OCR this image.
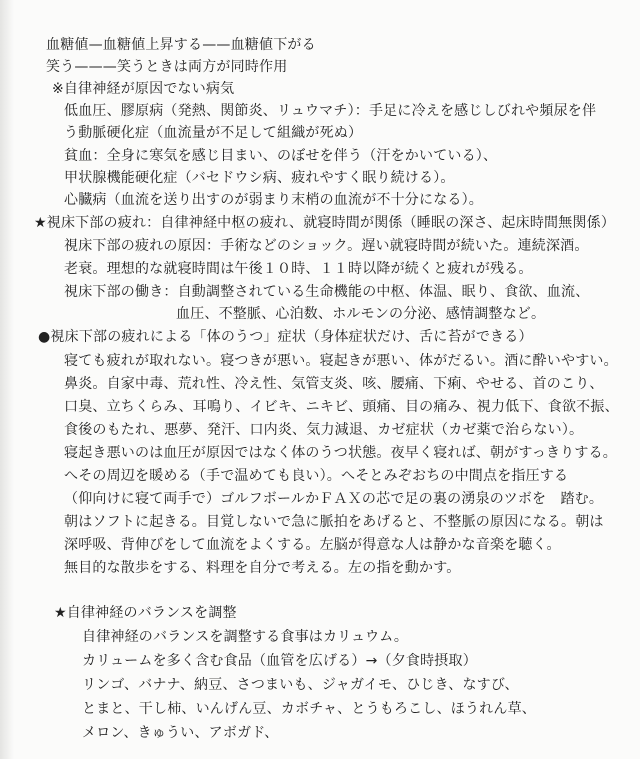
血糖値—血糖値上昇する——血糖値下がる
笑う———笑うときは両方が同時作用
※自律神経が原因でない病気
低血圧、膠原病（発熱、関節炎、リュウマチ）：手足に冷えを感じしびれや頻尿を伴
う動脈硬化症（血流量が不足して組織が死ぬ）
貧血：全身に寒気を感じ目まい、のぼせを伴う（汗をかいている）、
甲状腺機能硬化症（バセドウシ病、疲れやすく眠り続ける）。
心臓病（血流を送り出すのが弱まり末梢の血流が不十分になる）。
★視床下部の疲れ：自律神経中枢の疲れ、就寝時間が関係（睡眠の深さ、起床時間無関係）
視床下部の疲れの原因：手術などのショック。遅い就寝時間が続いた。連続深酒。
老衰。理想的な就寝時間は午後１０時、１１時以降が続くと疲れが残る。
視床下部の働き：自動調整されている生命機能の中枢、体温、眠り、食欲、血流、
血圧、不整脈、心泊数、ホルモンの分泌、感情調整など。
●視床下部の疲れによる「体のうつ」症状（身体症状だけ、舌に苔ができる）
寝ても疲れが取れない。寝つきが悪い。寝起きが悪い、体がだるい。酒に酔いやすい。
鼻炎。自家中毒、荒れ性、冷え性、気管支炎、咳、腰痛、下痢、やせる、首のこり、
口臭、立ちくらみ、耳鳴り、イビキ、ニキビ、頭痛、目の痛み、視力低下、食欲不振、
食後のもたれ、悪夢、発汗、口内炎、気力減退、カゼ症状（カゼ薬で治らない）。
寝起き悪いのは血圧が原因ではなく体のうつ状態。夜早く寝れば、朝がすっきりする。
へその周辺を暖める（手で温めても良い）。へそとみぞおちの中間点を指圧する
（仰向けに寝て両手で）ゴルフボールかＦＡＸの芯で足の裏の湧泉のツボを　踏む。
朝はソフトに起きる。目覚しないで急に脈拍をあげると、不整脈の原因になる。朝は
深呼吸、背伸びをして血流をよくする。左脳が得意な人は静かな音楽を聴く。
無目的な散歩をする、料理を自分で考える。左の指を動かす。
★自律神経のバランスを調整
自律神経のバランスを調整する食事はカリュウム。
カリュームを多く含む食品（血管を広げる）→（夕食時摂取）
リンゴ、バナナ、納豆、さつまいも、ジャガイモ、ひじき、なすび、
とまと、干し柿、いんげん豆、カボチャ、とうもろこし、ほうれん草、
メロン、きゅうい、アボガド、
